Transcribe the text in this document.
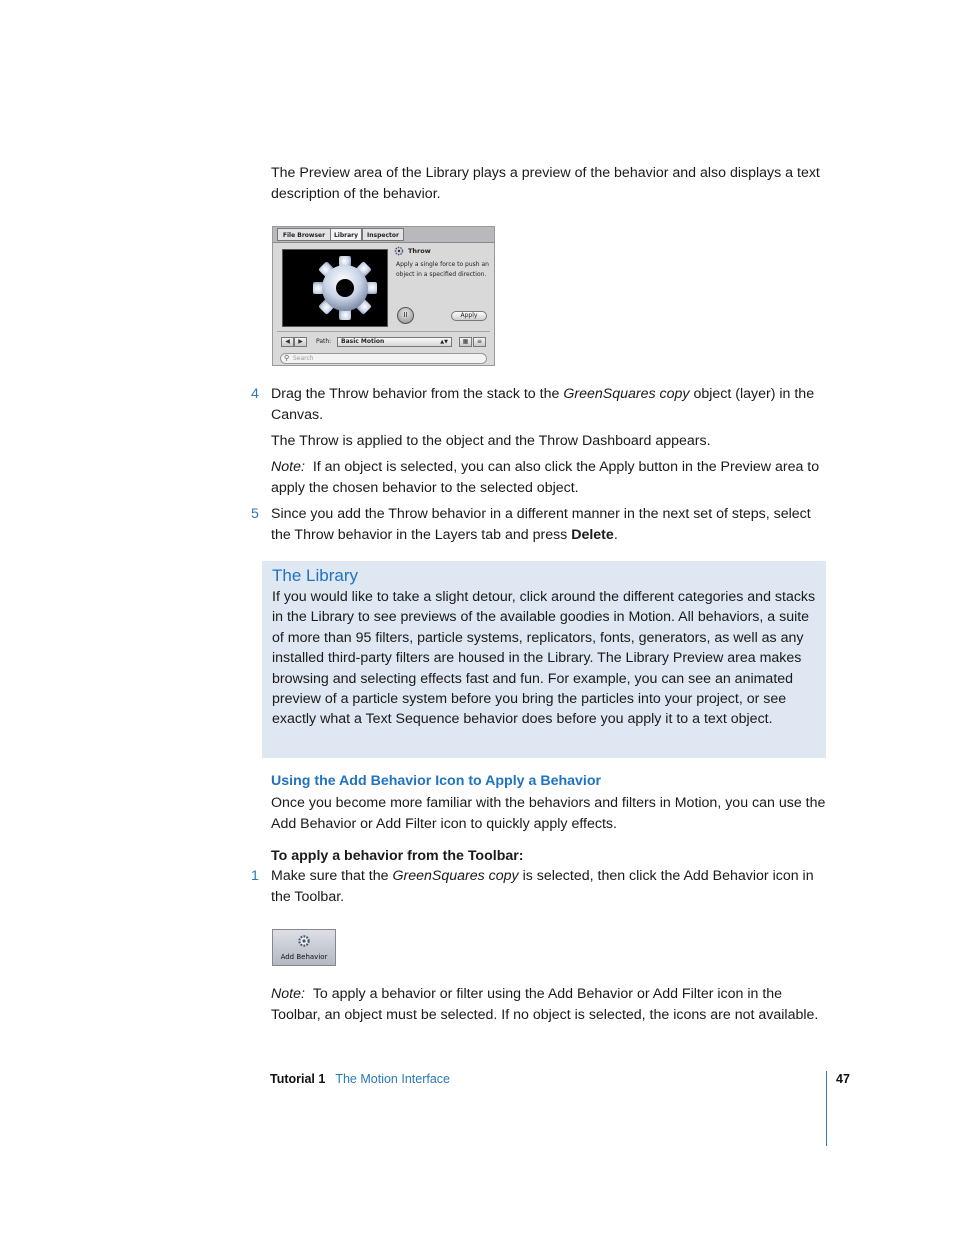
The Preview area of the Library plays a preview of the behavior and also displays a text description of the behavior.

File Browser	Library	Inspector
Throw
Apply a single force to push an object in a specified direction.
II	Apply
◀	▶	Path:	Basic Motion	▲▼	▦	≡
⚲ Search
4 Drag the Throw behavior from the stack to the GreenSquares copy object (layer) in the Canvas.

The Throw is applied to the object and the Throw Dashboard appears.

Note: If an object is selected, you can also click the Apply button in the Preview area to apply the chosen behavior to the selected object.

5 Since you add the Throw behavior in a different manner in the next set of steps, select the Throw behavior in the Layers tab and press Delete.

The Library
If you would like to take a slight detour, click around the different categories and stacks in the Library to see previews of the available goodies in Motion. All behaviors, a suite of more than 95 filters, particle systems, replicators, fonts, generators, as well as any installed third-party filters are housed in the Library. The Library Preview area makes browsing and selecting effects fast and fun. For example, you can see an animated preview of a particle system before you bring the particles into your project, or see exactly what a Text Sequence behavior does before you apply it to a text object.
Using the Add Behavior Icon to Apply a Behavior

Once you become more familiar with the behaviors and filters in Motion, you can use the Add Behavior or Add Filter icon to quickly apply effects.

To apply a behavior from the Toolbar:

1 Make sure that the GreenSquares copy is selected, then click the Add Behavior icon in the Toolbar.

Add Behavior

Note: To apply a behavior or filter using the Add Behavior or Add Filter icon in the Toolbar, an object must be selected. If no object is selected, the icons are not available.

Tutorial 1 The Motion Interface	47
